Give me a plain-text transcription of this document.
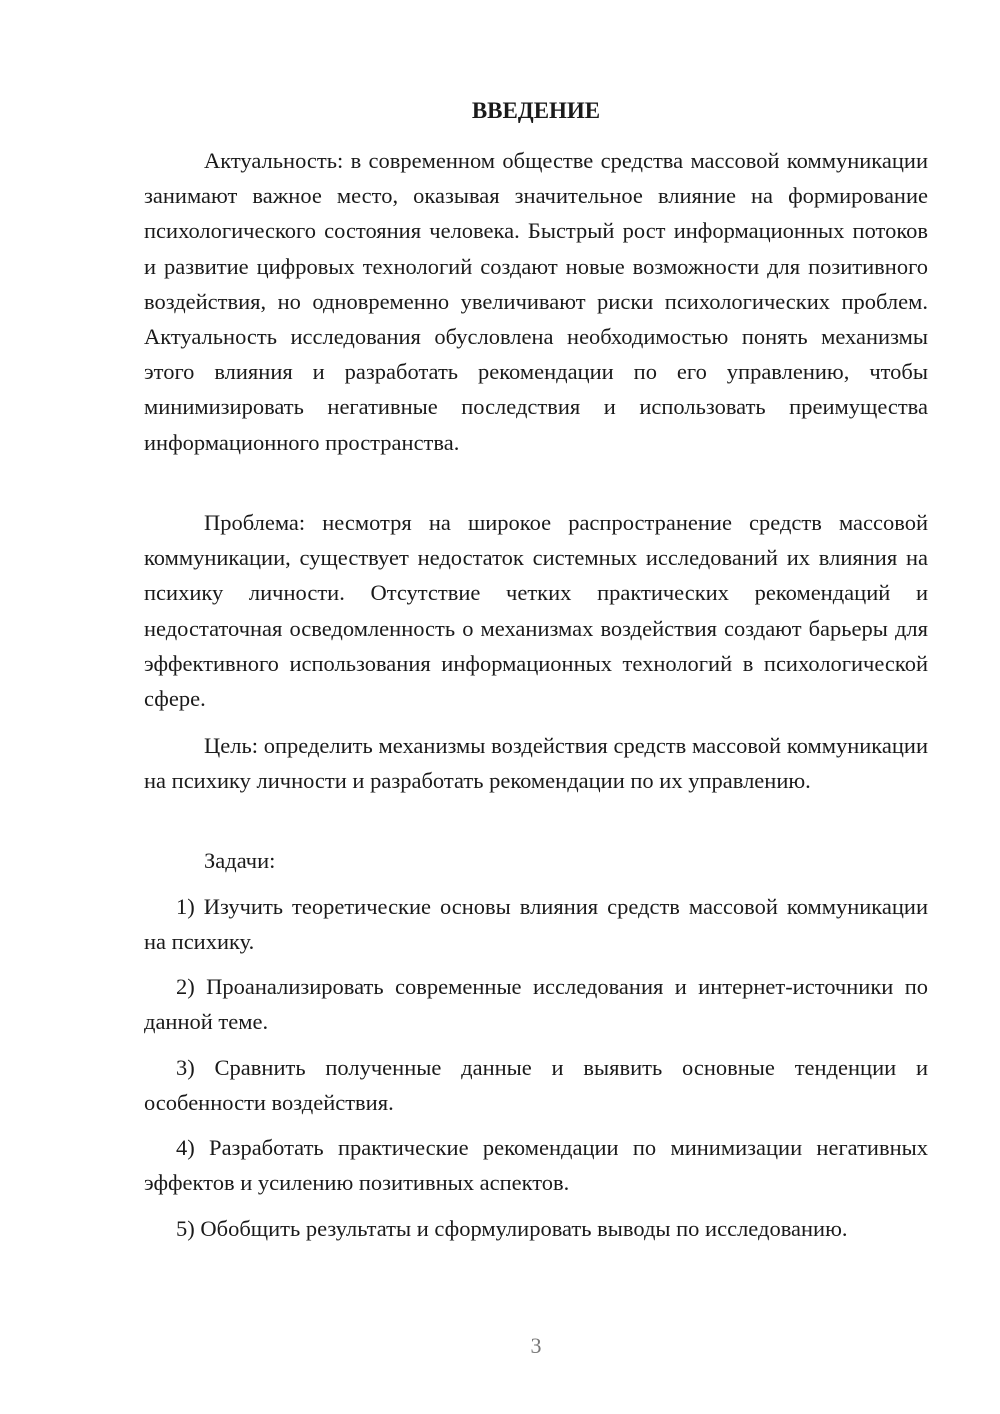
ВВЕДЕНИЕ

Актуальность: в современном обществе средства массовой коммуникации занимают важное место, оказывая значительное влияние на формирование психологического состояния человека. Быстрый рост информационных потоков и развитие цифровых технологий создают новые возможности для позитивного воздействия, но одновременно увеличивают риски психологических проблем. Актуальность исследования обусловлена необходимостью понять механизмы этого влияния и разработать рекомендации по его управлению, чтобы минимизировать негативные последствия и использовать преимущества информационного пространства.

Проблема: несмотря на широкое распространение средств массовой коммуникации, существует недостаток системных исследований их влияния на психику личности. Отсутствие четких практических рекомендаций и недостаточная осведомленность о механизмах воздействия создают барьеры для эффективного использования информационных технологий в психологической сфере.

Цель: определить механизмы воздействия средств массовой коммуникации на психику личности и разработать рекомендации по их управлению.

Задачи:

1) Изучить теоретические основы влияния средств массовой коммуникации на психику.

2) Проанализировать современные исследования и интернет-источники по данной теме.

3) Сравнить полученные данные и выявить основные тенденции и особенности воздействия.

4) Разработать практические рекомендации по минимизации негативных эффектов и усилению позитивных аспектов.

5) Обобщить результаты и сформулировать выводы по исследованию.

3
